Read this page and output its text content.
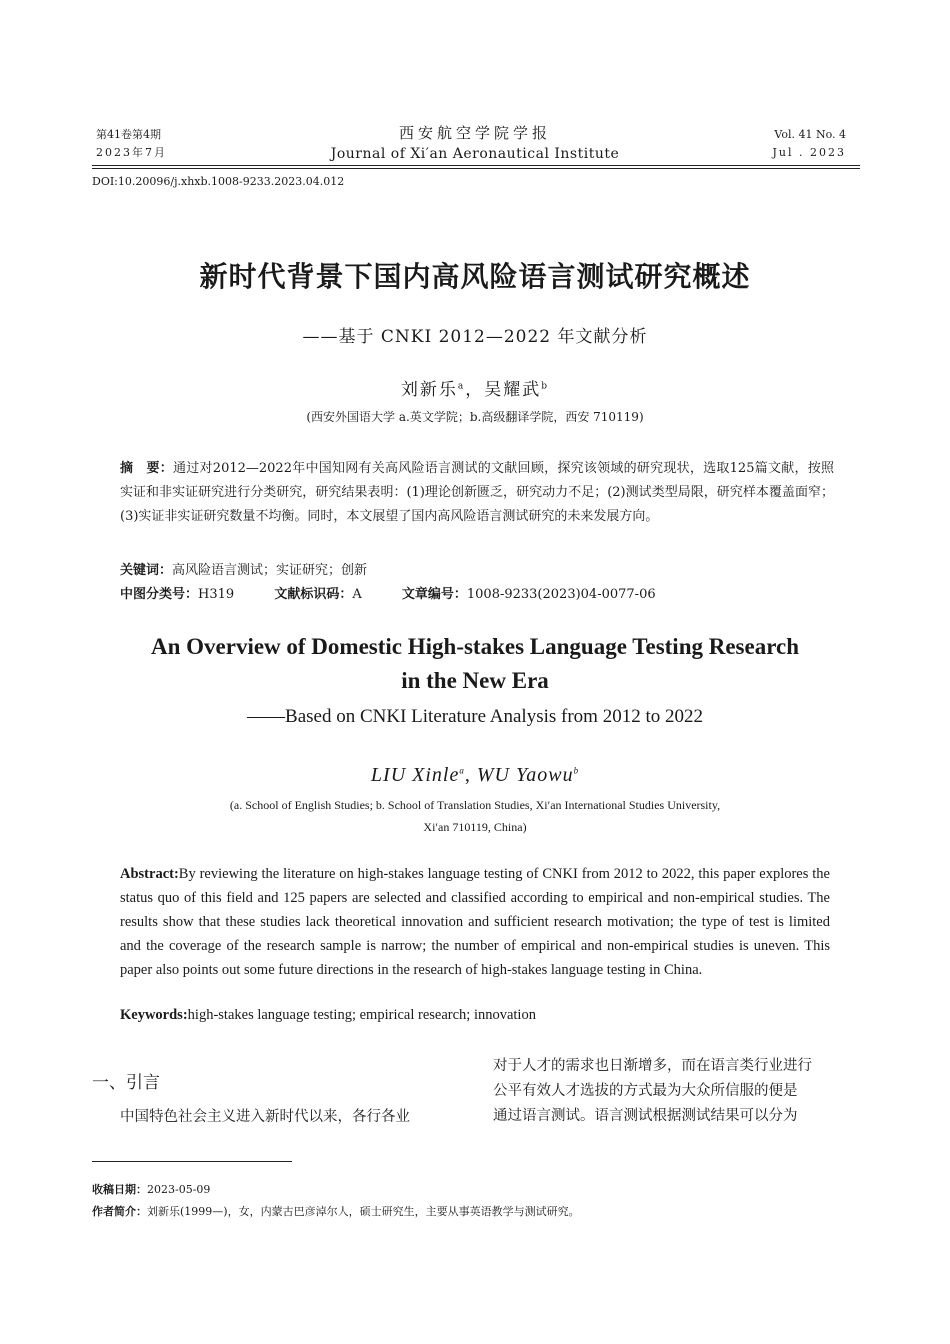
第41卷第4期
2023年7月
西安航空学院学报
Journal of Xi′an Aeronautical Institute
Vol. 41 No. 4
Jul . 2023
DOI:10.20096/j.xhxb.1008-9233.2023.04.012
新时代背景下国内高风险语言测试研究概述
——基于 CNKI 2012—2022 年文献分析
刘新乐$^a$，吴耀武$^b$
(西安外国语大学 a.英文学院；b.高级翻译学院，西安 710119)
摘　要：通过对2012—2022年中国知网有关高风险语言测试的文献回顾，探究该领域的研究现状，选取125篇文献，按照实证和非实证研究进行分类研究，研究结果表明：(1)理论创新匮乏，研究动力不足；(2)测试类型局限，研究样本覆盖面窄；(3)实证非实证研究数量不均衡。同时，本文展望了国内高风险语言测试研究的未来发展方向。
关键词：高风险语言测试；实证研究；创新
中图分类号：H319	文献标识码：A	文章编号：1008-9233(2023)04-0077-06
An Overview of Domestic High-stakes Language Testing Research
in the New Era
——Based on CNKI Literature Analysis from 2012 to 2022
LIU Xinle$^a$, WU Yaowu$^b$
(a. School of English Studies; b. School of Translation Studies, Xi′an International Studies University,
Xi′an 710119, China)
Abstract:By reviewing the literature on high-stakes language testing of CNKI from 2012 to 2022, this paper explores the status quo of this field and 125 papers are selected and classified according to empirical and non-empirical studies. The results show that these studies lack theoretical innovation and sufficient research motivation; the type of test is limited and the coverage of the research sample is narrow; the number of empirical and non-empirical studies is uneven. This paper also points out some future directions in the research of high-stakes language testing in China.
Keywords:high-stakes language testing; empirical research; innovation
一、引言
中国特色社会主义进入新时代以来，各行各业
对于人才的需求也日渐增多，而在语言类行业进行
公平有效人才选拔的方式最为大众所信服的便是
通过语言测试。语言测试根据测试结果可以分为
收稿日期：2023-05-09
作者简介：刘新乐(1999—)，女，内蒙古巴彦淖尔人，硕士研究生，主要从事英语教学与测试研究。
